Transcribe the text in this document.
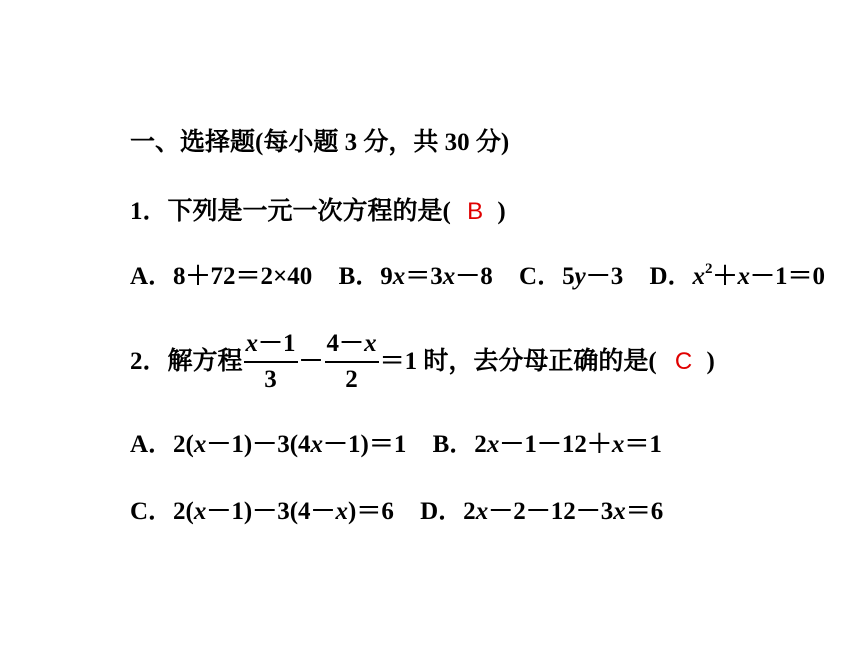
一、选择题(每小题 3 分，共 30 分)
1．下列是一元一次方程的是( B )
A．8＋72＝2×40 B．9x＝3x－8 C．5y－3 D．$x^2+x-1=0$
2．解方程 $\frac{x-1}{3} - \frac{4-x}{2} =1$ 时，去分母正确的是( C )
A．2(x－1)－3(4x－1)＝1 B．2x－1－12＋x＝1
C．2(x－1)－3(4－x)＝6 D．2x－2－12－3x＝6
